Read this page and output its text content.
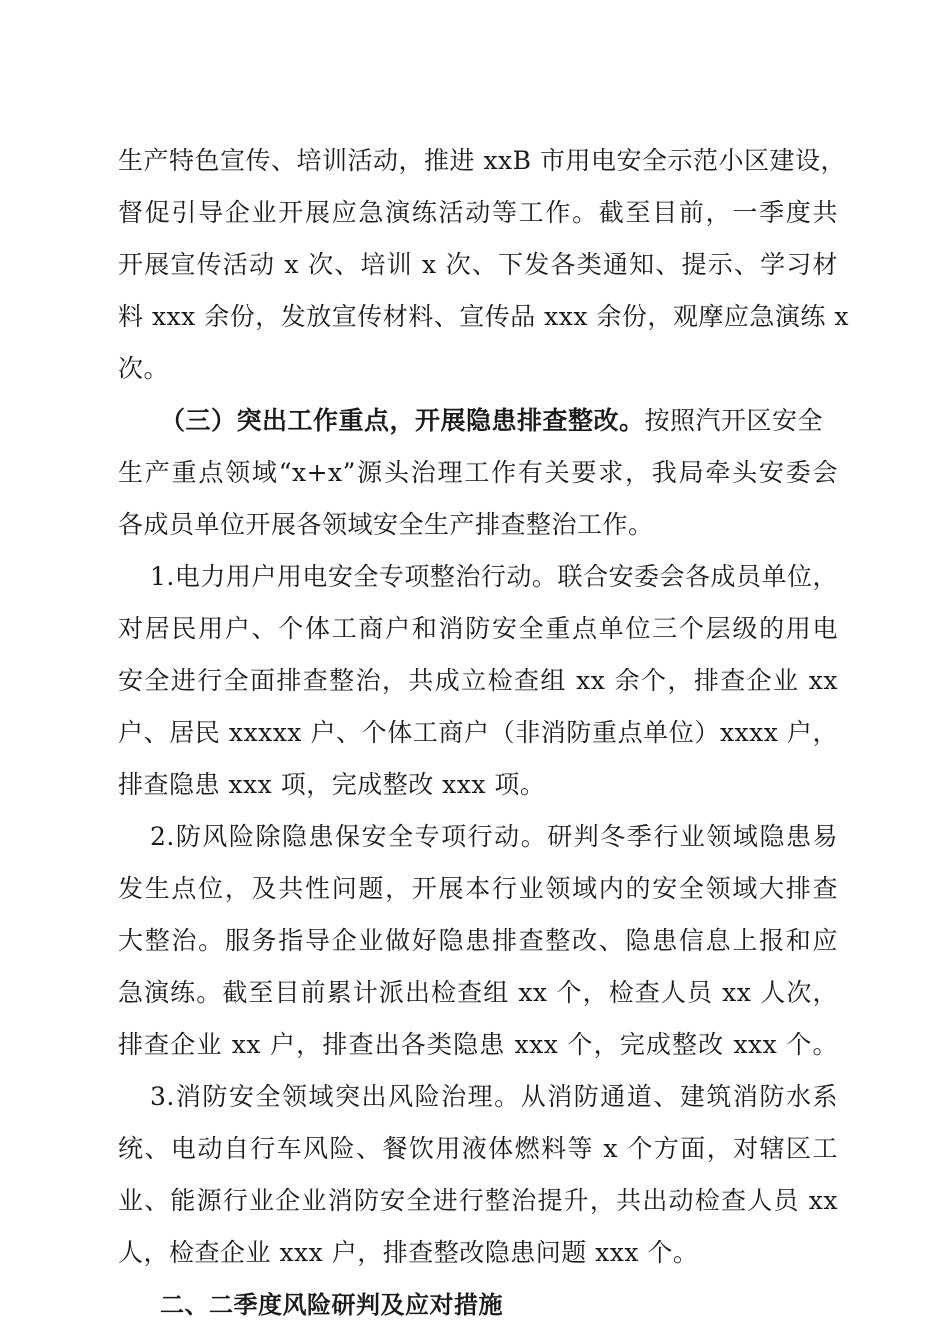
生产特色宣传、培训活动，推进 xxB 市用电安全示范小区建设，
督促引导企业开展应急演练活动等工作。截至目前，一季度共
开展宣传活动 x 次、培训 x 次、下发各类通知、提示、学习材
料 xxx 余份，发放宣传材料、宣传品 xxx 余份，观摩应急演练 x
次。
（三）突出工作重点，开展隐患排查整改。按照汽开区安全
生产重点领域“x+x”源头治理工作有关要求，我局牵头安委会
各成员单位开展各领域安全生产排查整治工作。
1.电力用户用电安全专项整治行动。联合安委会各成员单位，
对居民用户、个体工商户和消防安全重点单位三个层级的用电
安全进行全面排查整治，共成立检查组 xx 余个，排查企业 xx
户、居民 xxxxx 户、个体工商户（非消防重点单位）xxxx 户，
排查隐患 xxx 项，完成整改 xxx 项。
2.防风险除隐患保安全专项行动。研判冬季行业领域隐患易
发生点位，及共性问题，开展本行业领域内的安全领域大排查
大整治。服务指导企业做好隐患排查整改、隐患信息上报和应
急演练。截至目前累计派出检查组 xx 个，检查人员 xx 人次，
排查企业 xx 户，排查出各类隐患 xxx 个，完成整改 xxx 个。
3.消防安全领域突出风险治理。从消防通道、建筑消防水系
统、电动自行车风险、餐饮用液体燃料等 x 个方面，对辖区工
业、能源行业企业消防安全进行整治提升，共出动检查人员 xx
人，检查企业 xxx 户，排查整改隐患问题 xxx 个。
二、二季度风险研判及应对措施
